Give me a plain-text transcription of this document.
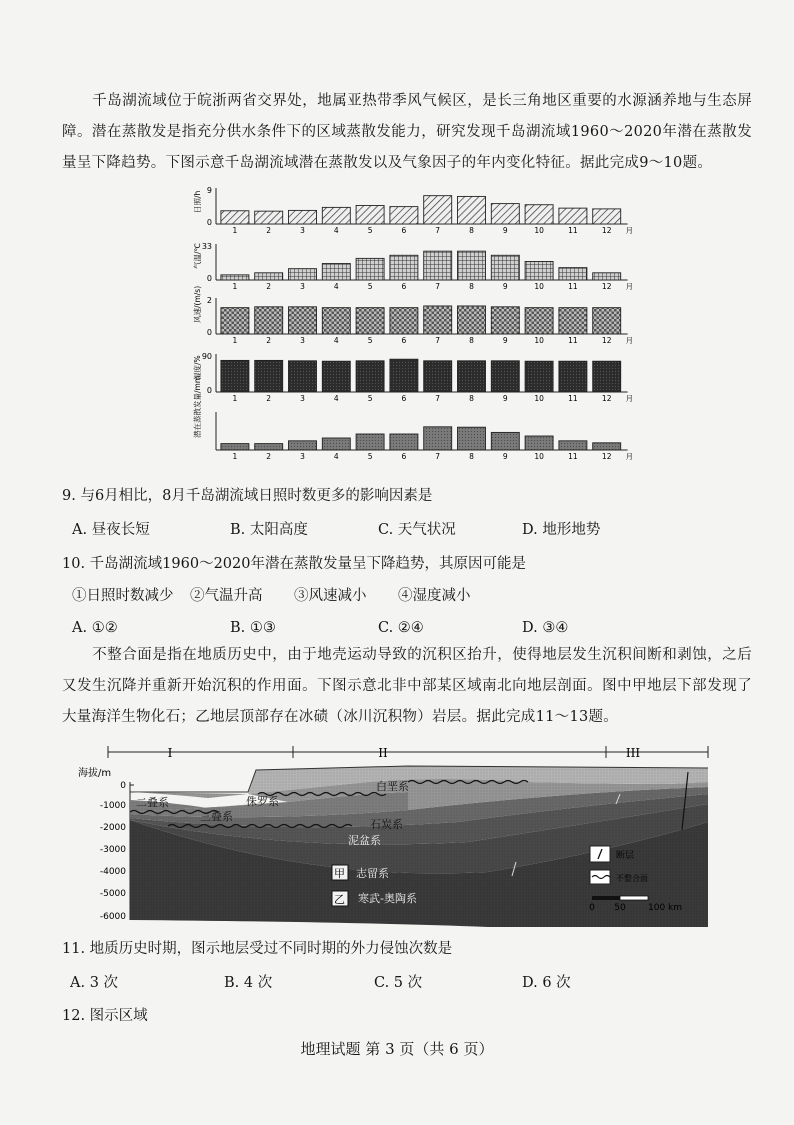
千岛湖流域位于皖浙两省交界处，地属亚热带季风气候区，是长三角地区重要的水源涵养地与生态屏障。潜在蒸散发是指充分供水条件下的区域蒸散发能力，研究发现千岛湖流域1960～2020年潜在蒸散发量呈下降趋势。下图示意千岛湖流域潜在蒸散发以及气象因子的年内变化特征。据此完成9～10题。

日照/h
9
0
1	2	3	4	5	6	7	8	9	10	11	12 月
气温/℃ 33
0
1	2	3	4	5	6	7	8	9	10	11	12 月
风速/(m/s) 2
0
1	2	3	4	5	6	7	8	9	10	11	12 月
湿度/% 90
0
1	2	3	4	5	6	7	8	9	10	11	12 月
潜在蒸散发量/mm
1	2	3	4	5	6	7	8	9	10	11	12 月

9. 与6月相比，8月千岛湖流域日照时数更多的影响因素是

A. 昼夜长短	B. 太阳高度	C. 天气状况	D. 地形地势

10. 千岛湖流域1960～2020年潜在蒸散发量呈下降趋势，其原因可能是

①日照时数减少 ②气温升高 ③风速减小 ④湿度减小
A. ①②	B. ①③	C. ②④	D. ③④

不整合面是指在地质历史中，由于地壳运动导致的沉积区抬升，使得地层发生沉积间断和剥蚀，之后又发生沉降并重新开始沉积的作用面。下图示意北非中部某区域南北向地层剖面。图中甲地层下部发现了大量海洋生物化石；乙地层顶部存在冰碛（冰川沉积物）岩层。据此完成11～13题。

I	II	III
海拔/m
0
-1000
-2000
-3000
-4000
-5000
-6000
白垩系
二叠系	侏罗系
三叠系
石炭系
泥盆系
志留系
寒武-奥陶系
甲
乙
断层
不整合面
0 50 100 km

11. 地质历史时期，图示地层受过不同时期的外力侵蚀次数是

A. 3 次	B. 4 次	C. 5 次	D. 6 次

12. 图示区域

地理试题 第 3 页（共 6 页）
